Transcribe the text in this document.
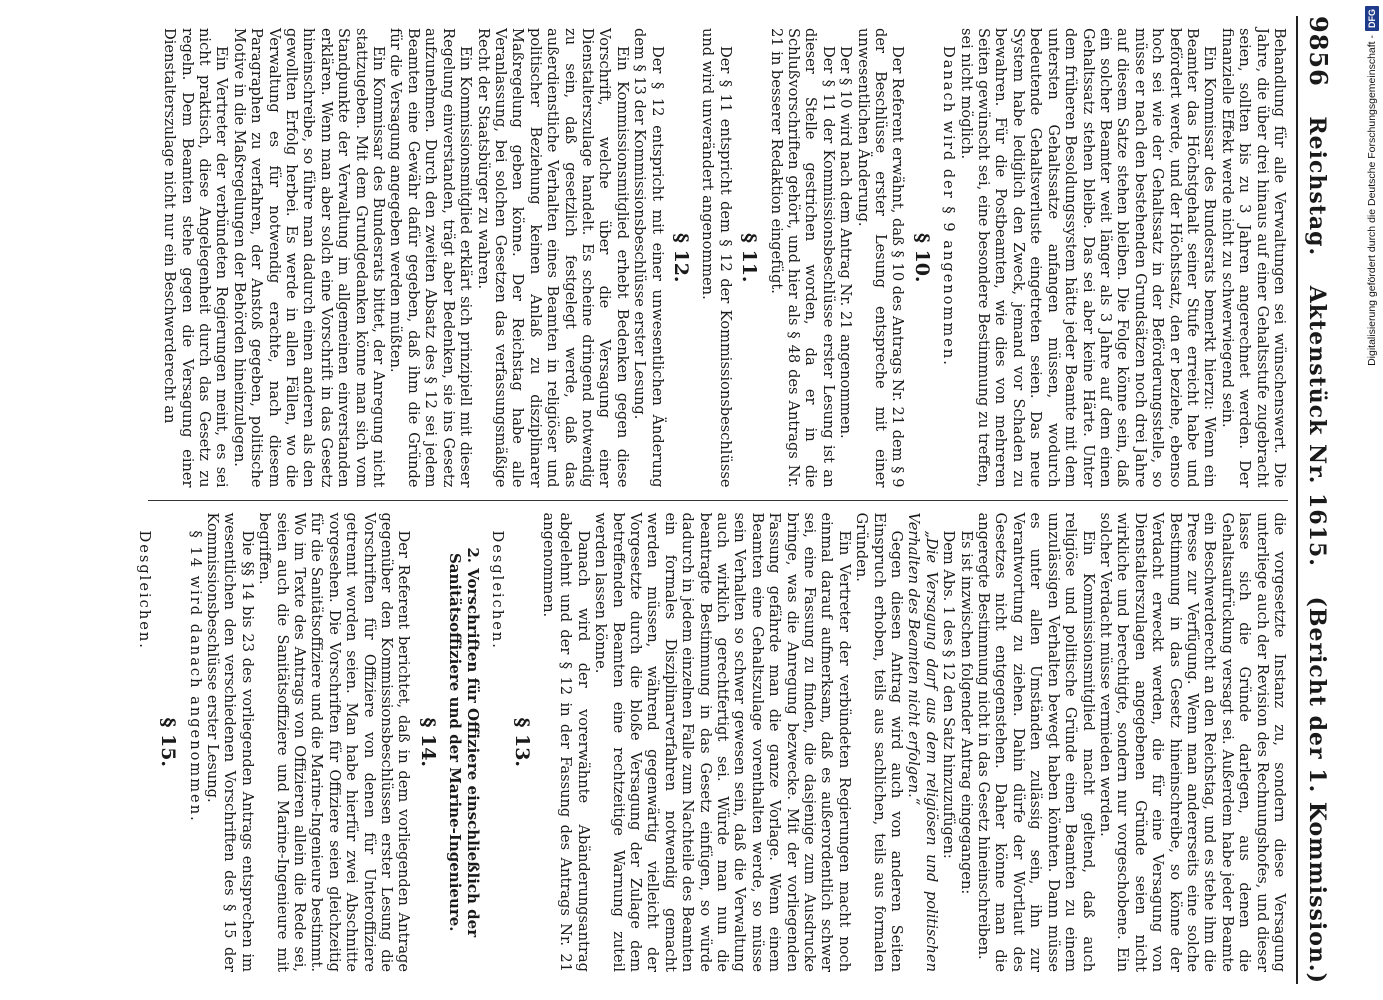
9856
Reichstag.
Aktenstück Nr. 1615.
(Bericht der 1. Kommission.)

Behandlung für alle Verwaltungen sei wünschenswert. Die Jahre, die über drei hinaus auf einer Gehaltsstufe zugebracht seien, sollten bis zu 3 Jahren angerechnet werden. Der finanzielle Effekt werde nicht zu schwerwiegend sein.

Ein Kommissar des Bundesrats bemerkt hierzu: Wenn ein Beamter das Höchstgehalt seiner Stufe erreicht habe und befördert werde, und der Höchstsatz, den er beziehe, ebenso hoch sei wie der Gehaltssatz in der Beförderungsstelle, so müsse er nach den bestehenden Grundsätzen noch drei Jahre auf diesem Satze stehen bleiben. Die Folge könne sein, daß ein solcher Beamter weit länger als 3 Jahre auf dem einen Gehaltssatz stehen bleibe. Das sei aber keine Härte. Unter dem früheren Besoldungssystem hätte jeder Beamte mit dem untersten Gehaltssatze anfangen müssen, wodurch bedeutende Gehaltsverluste eingetreten seien. Das neue System habe lediglich den Zweck, jemand vor Schaden zu bewahren. Für die Postbeamten, wie dies von mehreren Seiten gewünscht sei, eine besondere Bestimmung zu treffen, sei nicht möglich.

Danach wird der § 9 angenommen.

§ 10.

Der Referent erwähnt, daß § 10 des Antrags Nr. 21 dem § 9 der Beschlüsse erster Lesung entspreche mit einer unwesentlichen Änderung.

Der § 10 wird nach dem Antrag Nr. 21 angenommen.

Der § 11 der Kommissionsbeschlüsse erster Lesung ist an dieser Stelle gestrichen worden, da er in die Schlußvorschriften gehört, und hier als § 48 des Antrags Nr. 21 in besserer Redaktion eingefügt.

§ 11.

Der § 11 entspricht dem § 12 der Kommissionsbeschlüsse und wird unverändert angenommen.

§ 12.

Der § 12 entspricht mit einer unwesentlichen Änderung dem § 13 der Kommissionsbeschlüsse erster Lesung.

Ein Kommissionsmitglied erhebt Bedenken gegen diese Vorschrift, welche über die Versagung einer Dienstalterszulage handelt. Es scheine dringend notwendig zu sein, daß gesetzlich festgelegt werde, daß das außerdienstliche Verhalten eines Beamten in religiöser und politischer Beziehung keinen Anlaß zu disziplinarer Maßregelung geben könne. Der Reichstag habe alle Veranlassung, bei solchen Gesetzen das verfassungsmäßige Recht der Staatsbürger zu wahren.

Ein Kommissionsmitglied erklärt sich prinzipiell mit dieser Regelung einverstanden, trägt aber Bedenken, sie ins Gesetz aufzunehmen. Durch den zweiten Absatz des § 12 sei jedem Beamten eine Gewähr dafür gegeben, daß ihm die Gründe für die Versagung angegeben werden müßten.

Ein Kommissar des Bundesrats bittet, der Anregung nicht stattzugeben. Mit dem Grundgedanken könne man sich vom Standpunkte der Verwaltung im allgemeinen einverstanden erklären. Wenn man aber solch eine Vorschrift in das Gesetz hineinschreibe, so führe man dadurch einen anderen als den gewollten Erfolg herbei. Es werde in allen Fällen, wo die Verwaltung es für notwendig erachte, nach diesem Paragraphen zu verfahren, der Anstoß gegeben, politische Motive in die Maßregelungen der Behörden hineinzulegen.

Ein Vertreter der verbündeten Regierungen meint, es sei nicht praktisch, diese Angelegenheit durch das Gesetz zu regeln. Dem Beamten stehe gegen die Versagung einer Dienstalterszulage nicht nur ein Beschwerderecht an

die vorgesetzte Instanz zu, sondern diese Versagung unterliege auch der Revision des Rechnungshofes, und dieser lasse sich die Gründe darlegen, aus denen die Gehaltsaufrückung versagt sei. Außerdem habe jeder Beamte ein Beschwerderecht an den Reichstag, und es stehe ihm die Presse zur Verfügung. Wenn man andererseits eine solche Bestimmung in das Gesetz hineinschreibe, so könne der Verdacht erweckt werden, die für eine Versagung von Dienstalterszulagen angegebenen Gründe seien nicht wirkliche und berechtigte, sondern nur vorgeschobene. Ein solcher Verdacht müsse vermieden werden.

Ein Kommissionsmitglied macht geltend, daß auch religiöse und politische Gründe einen Beamten zu einem unzulässigen Verhalten bewegt haben könnten. Dann müsse es unter allen Umständen zulässig sein, ihn zur Verantwortung zu ziehen. Dahin dürfe der Wortlaut des Gesetzes nicht entgegenstehen. Daher könne man die angeregte Bestimmung nicht in das Gesetz hineinschreiben.

Es ist inzwischen folgender Antrag eingegangen:

Dem Abs. 1 des § 12 den Satz hinzuzufügen:

„Die Versagung darf aus dem religiösen und politischen Verhalten des Beamten nicht erfolgen.“

Gegen diesen Antrag wird auch von anderen Seiten Einspruch erhoben, teils aus sachlichen, teils aus formalen Gründen.

Ein Vertreter der verbündeten Regierungen macht noch einmal darauf aufmerksam, daß es außerordentlich schwer sei, eine Fassung zu finden, die dasjenige zum Ausdrucke bringe, was die Anregung bezwecke. Mit der vorliegenden Fassung gefährde man die ganze Vorlage. Wenn einem Beamten eine Gehaltszulage vorenthalten werde, so müsse sein Verhalten so schwer gewesen sein, daß die Verwaltung auch wirklich gerechtfertigt sei. Würde man nun die beantragte Bestimmung in das Gesetz einfügen, so würde dadurch in jedem einzelnen Falle zum Nachteile des Beamten ein formales Disziplinarverfahren notwendig gemacht werden müssen, während gegenwärtig vielleicht der Vorgesetzte durch die bloße Versagung der Zulage dem betreffenden Beamten eine rechtzeitige Warnung zuteil werden lassen könne.

Danach wird der vorerwähnte Abänderungsantrag abgelehnt und der § 12 in der Fassung des Antrags Nr. 21 angenommen.

§ 13.

Desgleichen.

2. Vorschriften für Offiziere einschließlich der Sanitätsoffiziere und der Marine-Ingenieure.
§ 14.

Der Referent berichtet, daß in dem vorliegenden Antrage gegenüber den Kommissionsbeschlüssen erster Lesung die Vorschriften für Offiziere von denen für Unteroffiziere getrennt worden seien. Man habe hierfür zwei Abschnitte vorgesehen. Die Vorschriften für Offiziere seien gleichzeitig für die Sanitätsoffiziere und die Marine-Ingenieure bestimmt. Wo im Texte des Antrags von Offizieren allein die Rede sei, seien auch die Sanitätsoffiziere und Marine-Ingenieure mit begriffen.

Die §§ 14 bis 23 des vorliegenden Antrags entsprechen im wesentlichen den verschiedenen Vorschriften des § 15 der Kommissionsbeschlüsse erster Lesung.

§ 14 wird danach angenommen.

§ 15.

Desgleichen.

Digitalisierung gefördert durch die Deutsche Forschungsgemeinschaft -
DFG
